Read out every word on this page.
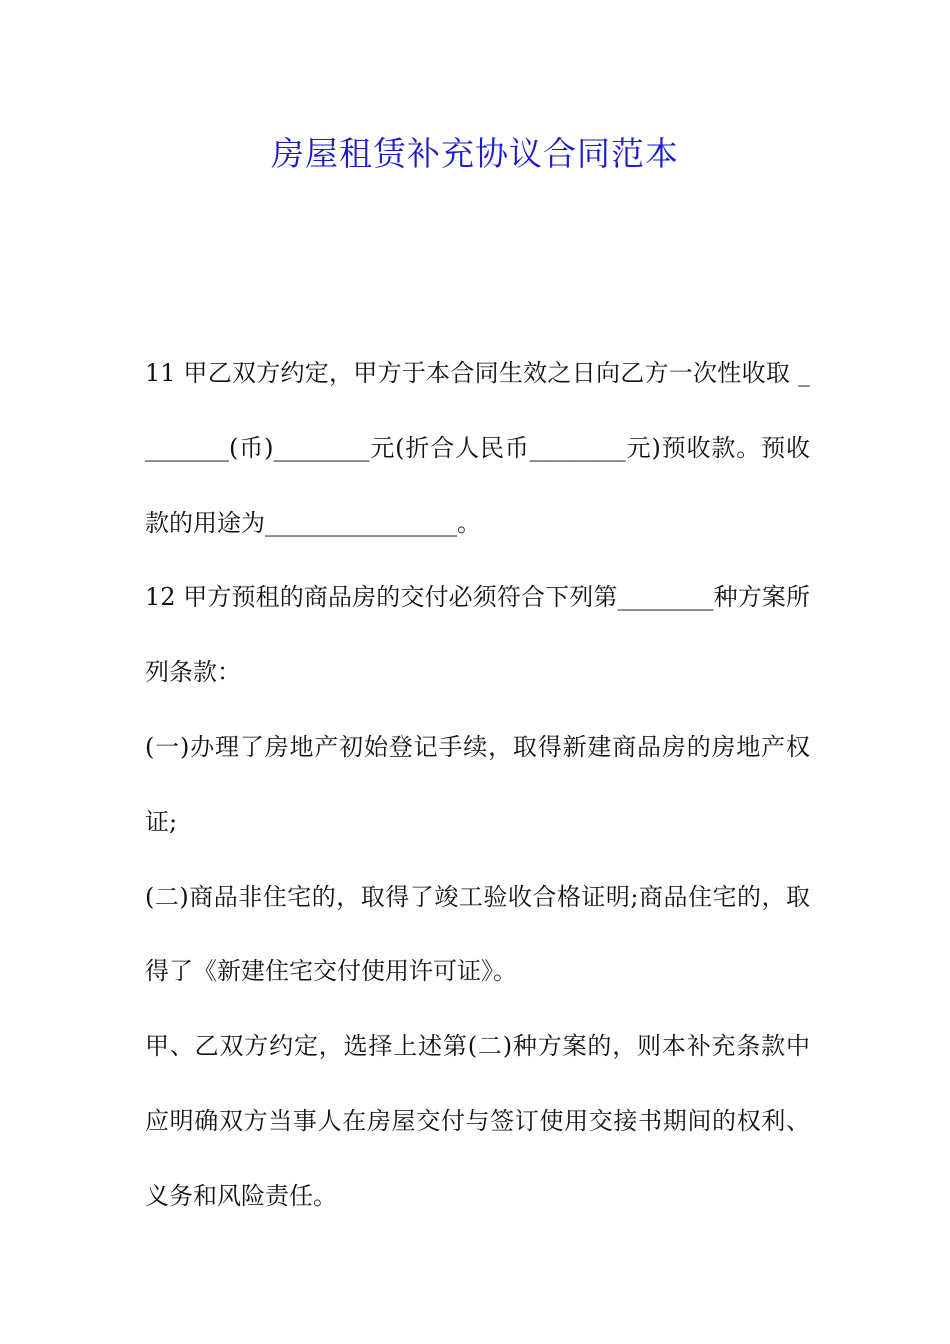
房屋租赁补充协议合同范本
11 甲乙双方约定，甲方于本合同生效之日向乙方一次性收取 _
_______(币)________元(折合人民币________元)预收款。预收
款的用途为________________。
12 甲方预租的商品房的交付必须符合下列第________种方案所
列条款：
(一)办理了房地产初始登记手续，取得新建商品房的房地产权
证;
(二)商品非住宅的，取得了竣工验收合格证明;商品住宅的，取
得了《新建住宅交付使用许可证》。
甲、乙双方约定，选择上述第(二)种方案的，则本补充条款中
应明确双方当事人在房屋交付与签订使用交接书期间的权利、
义务和风险责任。
